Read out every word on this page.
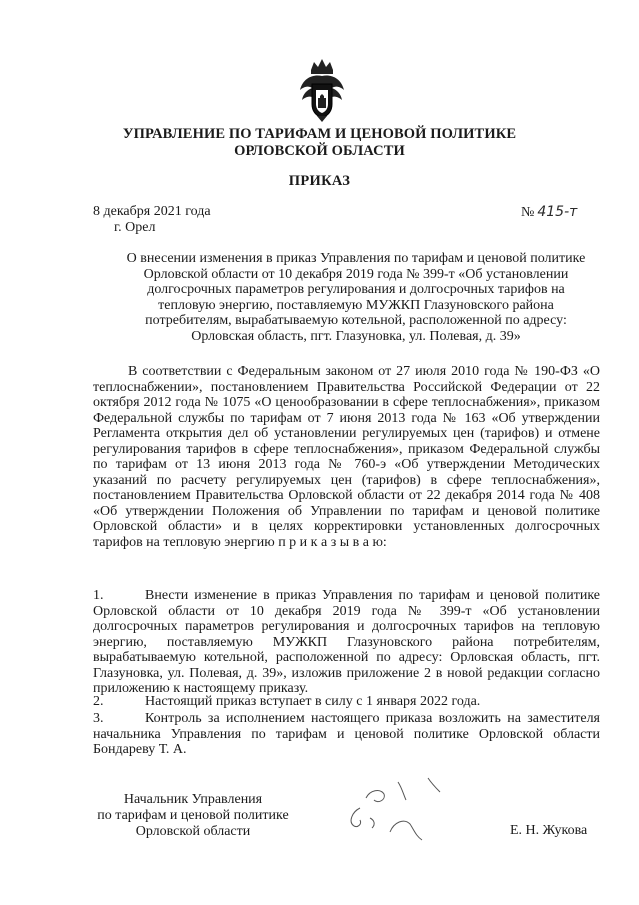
УПРАВЛЕНИЕ ПО ТАРИФАМ И ЦЕНОВОЙ ПОЛИТИКЕ
ОРЛОВСКОЙ ОБЛАСТИ
ПРИКАЗ
8 декабря 2021 года
г. Орел
№ 415-т
О внесении изменения в приказ Управления по тарифам и ценовой политике
Орловской области от 10 декабря 2019 года № 399-т «Об установлении
долгосрочных параметров регулирования и долгосрочных тарифов на
тепловую энергию, поставляемую МУЖКП Глазуновского района
потребителям, вырабатываемую котельной, расположенной по адресу:
Орловская область, пгт. Глазуновка, ул. Полевая, д. 39»
В соответствии с Федеральным законом от 27 июля 2010 года № 190-ФЗ «О теплоснабжении», постановлением Правительства Российской Федерации от 22 октября 2012 года № 1075 «О ценообразовании в сфере теплоснабжения», приказом Федеральной службы по тарифам от 7 июня 2013 года № 163 «Об утверждении Регламента открытия дел об установлении регулируемых цен (тарифов) и отмене регулирования тарифов в сфере теплоснабжения», приказом Федеральной службы по тарифам от 13 июня 2013 года № 760-э «Об утверждении Методических указаний по расчету регулируемых цен (тарифов) в сфере теплоснабжения», постановлением Правительства Орловской области от 22 декабря 2014 года № 408 «Об утверждении Положения об Управлении по тарифам и ценовой политике Орловской области» и в целях корректировки установленных долгосрочных тарифов на тепловую энергию п р и к а з ы в а ю:
1.	Внести изменение в приказ Управления по тарифам и ценовой политике Орловской области от 10 декабря 2019 года № 399-т «Об установлении долгосрочных параметров регулирования и долгосрочных тарифов на тепловую энергию, поставляемую МУЖКП Глазуновского района потребителям, вырабатываемую котельной, расположенной по адресу: Орловская область, пгт. Глазуновка, ул. Полевая, д. 39», изложив приложение 2 в новой редакции согласно приложению к настоящему приказу.
2.	Настоящий приказ вступает в силу с 1 января 2022 года.
3.	Контроль за исполнением настоящего приказа возложить на заместителя начальника Управления по тарифам и ценовой политике Орловской области Бондареву Т. А.
Начальник Управления
по тарифам и ценовой политике
Орловской области	Е. Н. Жукова
